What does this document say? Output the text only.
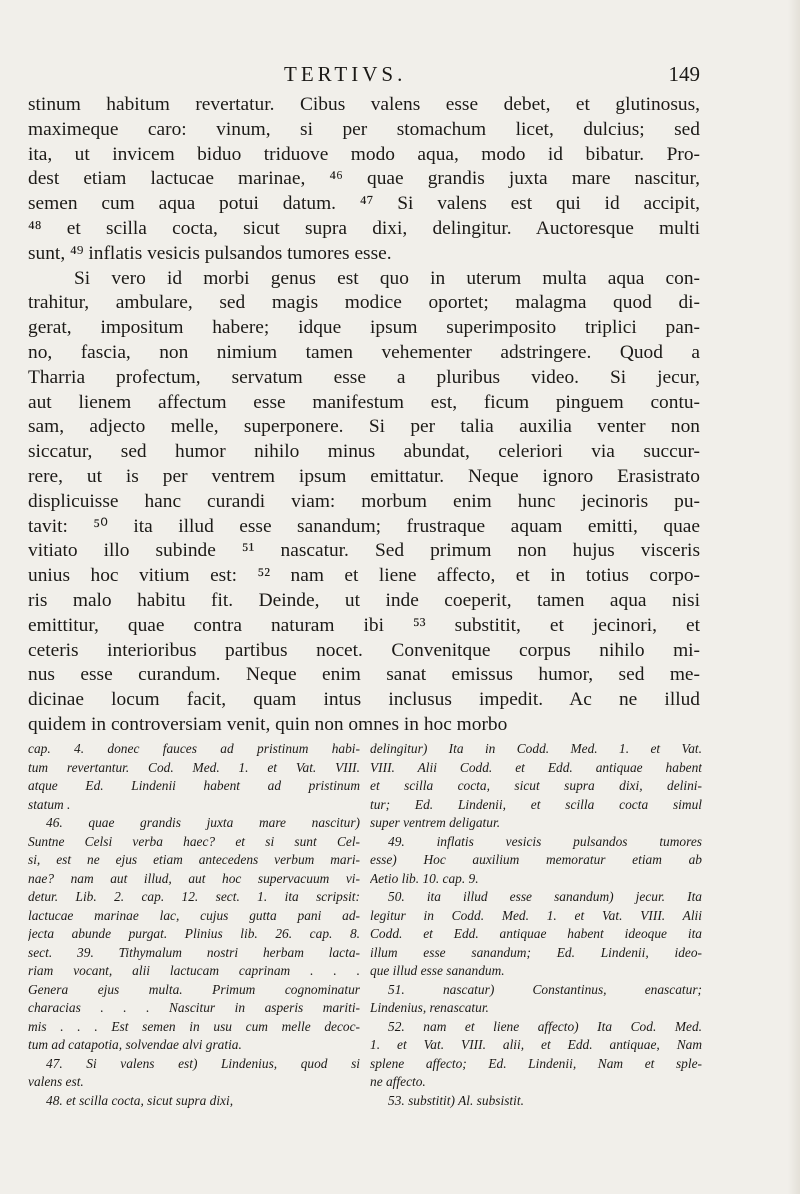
TERTIVS.	149
stinum habitum revertatur. Cibus valens esse debet, et glutinosus,
maximeque caro: vinum, si per stomachum licet, dulcius; sed
ita, ut invicem biduo triduove modo aqua, modo id bibatur. Pro-
dest etiam lactucae marinae, ⁴⁶ quae grandis juxta mare nascitur,
semen cum aqua potui datum. ⁴⁷ Si valens est qui id accipit,
⁴⁸ et scilla cocta, sicut supra dixi, delingitur. Auctoresque multi
sunt, ⁴⁹ inflatis vesicis pulsandos tumores esse.
Si vero id morbi genus est quo in uterum multa aqua con-
trahitur, ambulare, sed magis modice oportet; malagma quod di-
gerat, impositum habere; idque ipsum superimposito triplici pan-
no, fascia, non nimium tamen vehementer adstringere. Quod a
Tharria profectum, servatum esse a pluribus video. Si jecur,
aut lienem affectum esse manifestum est, ficum pinguem contu-
sam, adjecto melle, superponere. Si per talia auxilia venter non
siccatur, sed humor nihilo minus abundat, celeriori via succur-
rere, ut is per ventrem ipsum emittatur. Neque ignoro Erasistrato
displicuisse hanc curandi viam: morbum enim hunc jecinoris pu-
tavit: ⁵⁰ ita illud esse sanandum; frustraque aquam emitti, quae
vitiato illo subinde ⁵¹ nascatur. Sed primum non hujus visceris
unius hoc vitium est: ⁵² nam et liene affecto, et in totius corpo-
ris malo habitu fit. Deinde, ut inde coeperit, tamen aqua nisi
emittitur, quae contra naturam ibi ⁵³ substitit, et jecinori, et
ceteris interioribus partibus nocet. Convenitque corpus nihilo mi-
nus esse curandum. Neque enim sanat emissus humor, sed me-
dicinae locum facit, quam intus inclusus impedit. Ac ne illud
quidem in controversiam venit, quin non omnes in hoc morbo
cap. 4. donec fauces ad pristinum habi-
tum revertantur. Cod. Med. 1. et Vat. VIII.
atque Ed. Lindenii habent ad pristinum
statum .
46. quae grandis juxta mare nascitur)
Suntne Celsi verba haec? et si sunt Cel-
si, est ne ejus etiam antecedens verbum mari-
nae? nam aut illud, aut hoc supervacuum vi-
detur. Lib. 2. cap. 12. sect. 1. ita scripsit:
lactucae marinae lac, cujus gutta pani ad-
jecta abunde purgat. Plinius lib. 26. cap. 8.
sect. 39. Tithymalum nostri herbam lacta-
riam vocant, alii lactucam caprinam . . .
Genera ejus multa. Primum cognominatur
characias . . . Nascitur in asperis mariti-
mis . . . Est semen in usu cum melle decoc-
tum ad catapotia, solvendae alvi gratia.
47. Si valens est) Lindenius, quod si
valens est.
48. et scilla cocta, sicut supra dixi,
delingitur) Ita in Codd. Med. 1. et Vat.
VIII. Alii Codd. et Edd. antiquae habent
et scilla cocta, sicut supra dixi, delini-
tur; Ed. Lindenii, et scilla cocta simul
super ventrem deligatur.
49. inflatis vesicis pulsandos tumores
esse) Hoc auxilium memoratur etiam ab
Aetio lib. 10. cap. 9.
50. ita illud esse sanandum) jecur. Ita
legitur in Codd. Med. 1. et Vat. VIII. Alii
Codd. et Edd. antiquae habent ideoque ita
illum esse sanandum; Ed. Lindenii, ideo-
que illud esse sanandum.
51. nascatur) Constantinus, enascatur;
Lindenius, renascatur.
52. nam et liene affecto) Ita Cod. Med.
1. et Vat. VIII. alii, et Edd. antiquae, Nam
splene affecto; Ed. Lindenii, Nam et sple-
ne affecto.
53. substitit) Al. subsistit.
